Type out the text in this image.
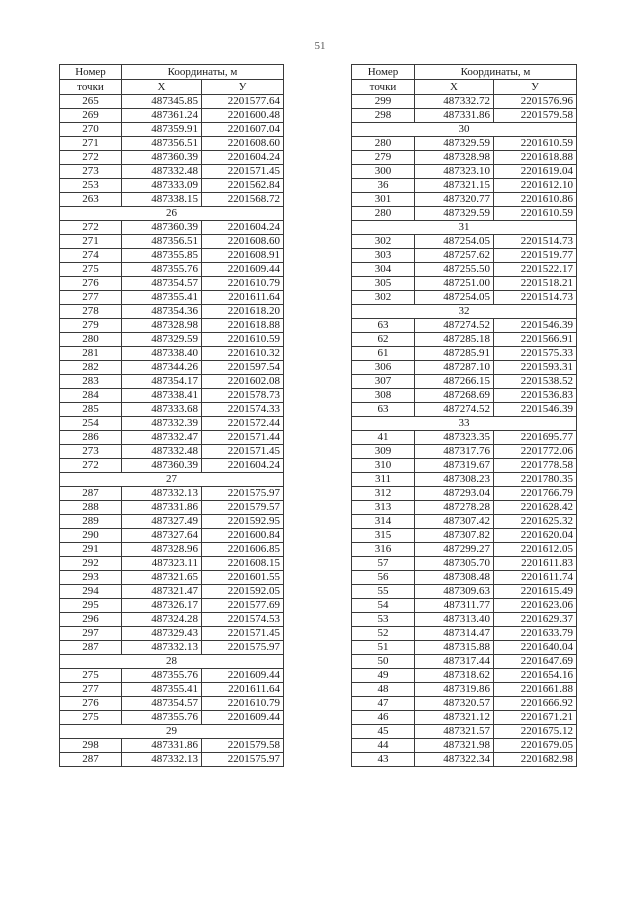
51
Номер	Координаты, м	
точки	X	У
265	487345.85	2201577.64
269	487361.24	2201600.48
270	487359.91	2201607.04
271	487356.51	2201608.60
272	487360.39	2201604.24
273	487332.48	2201571.45
253	487333.09	2201562.84
263	487338.15	2201568.72
26		
272	487360.39	2201604.24
271	487356.51	2201608.60
274	487355.85	2201608.91
275	487355.76	2201609.44
276	487354.57	2201610.79
277	487355.41	2201611.64
278	487354.36	2201618.20
279	487328.98	2201618.88
280	487329.59	2201610.59
281	487338.40	2201610.32
282	487344.26	2201597.54
283	487354.17	2201602.08
284	487338.41	2201578.73
285	487333.68	2201574.33
254	487332.39	2201572.44
286	487332.47	2201571.44
273	487332.48	2201571.45
272	487360.39	2201604.24
27		
287	487332.13	2201575.97
288	487331.86	2201579.57
289	487327.49	2201592.95
290	487327.64	2201600.84
291	487328.96	2201606.85
292	487323.11	2201608.15
293	487321.65	2201601.55
294	487321.47	2201592.05
295	487326.17	2201577.69
296	487324.28	2201574.53
297	487329.43	2201571.45
287	487332.13	2201575.97
28		
275	487355.76	2201609.44
277	487355.41	2201611.64
276	487354.57	2201610.79
275	487355.76	2201609.44
29		
298	487331.86	2201579.58
287	487332.13	2201575.97
Номер	Координаты, м	
точки	X	У
299	487332.72	2201576.96
298	487331.86	2201579.58
30		
280	487329.59	2201610.59
279	487328.98	2201618.88
300	487323.10	2201619.04
36	487321.15	2201612.10
301	487320.77	2201610.86
280	487329.59	2201610.59
31		
302	487254.05	2201514.73
303	487257.62	2201519.77
304	487255.50	2201522.17
305	487251.00	2201518.21
302	487254.05	2201514.73
32		
63	487274.52	2201546.39
62	487285.18	2201566.91
61	487285.91	2201575.33
306	487287.10	2201593.31
307	487266.15	2201538.52
308	487268.69	2201536.83
63	487274.52	2201546.39
33		
41	487323.35	2201695.77
309	487317.76	2201772.06
310	487319.67	2201778.58
311	487308.23	2201780.35
312	487293.04	2201766.79
313	487278.28	2201628.42
314	487307.42	2201625.32
315	487307.82	2201620.04
316	487299.27	2201612.05
57	487305.70	2201611.83
56	487308.48	2201611.74
55	487309.63	2201615.49
54	487311.77	2201623.06
53	487313.40	2201629.37
52	487314.47	2201633.79
51	487315.88	2201640.04
50	487317.44	2201647.69
49	487318.62	2201654.16
48	487319.86	2201661.88
47	487320.57	2201666.92
46	487321.12	2201671.21
45	487321.57	2201675.12
44	487321.98	2201679.05
43	487322.34	2201682.98
